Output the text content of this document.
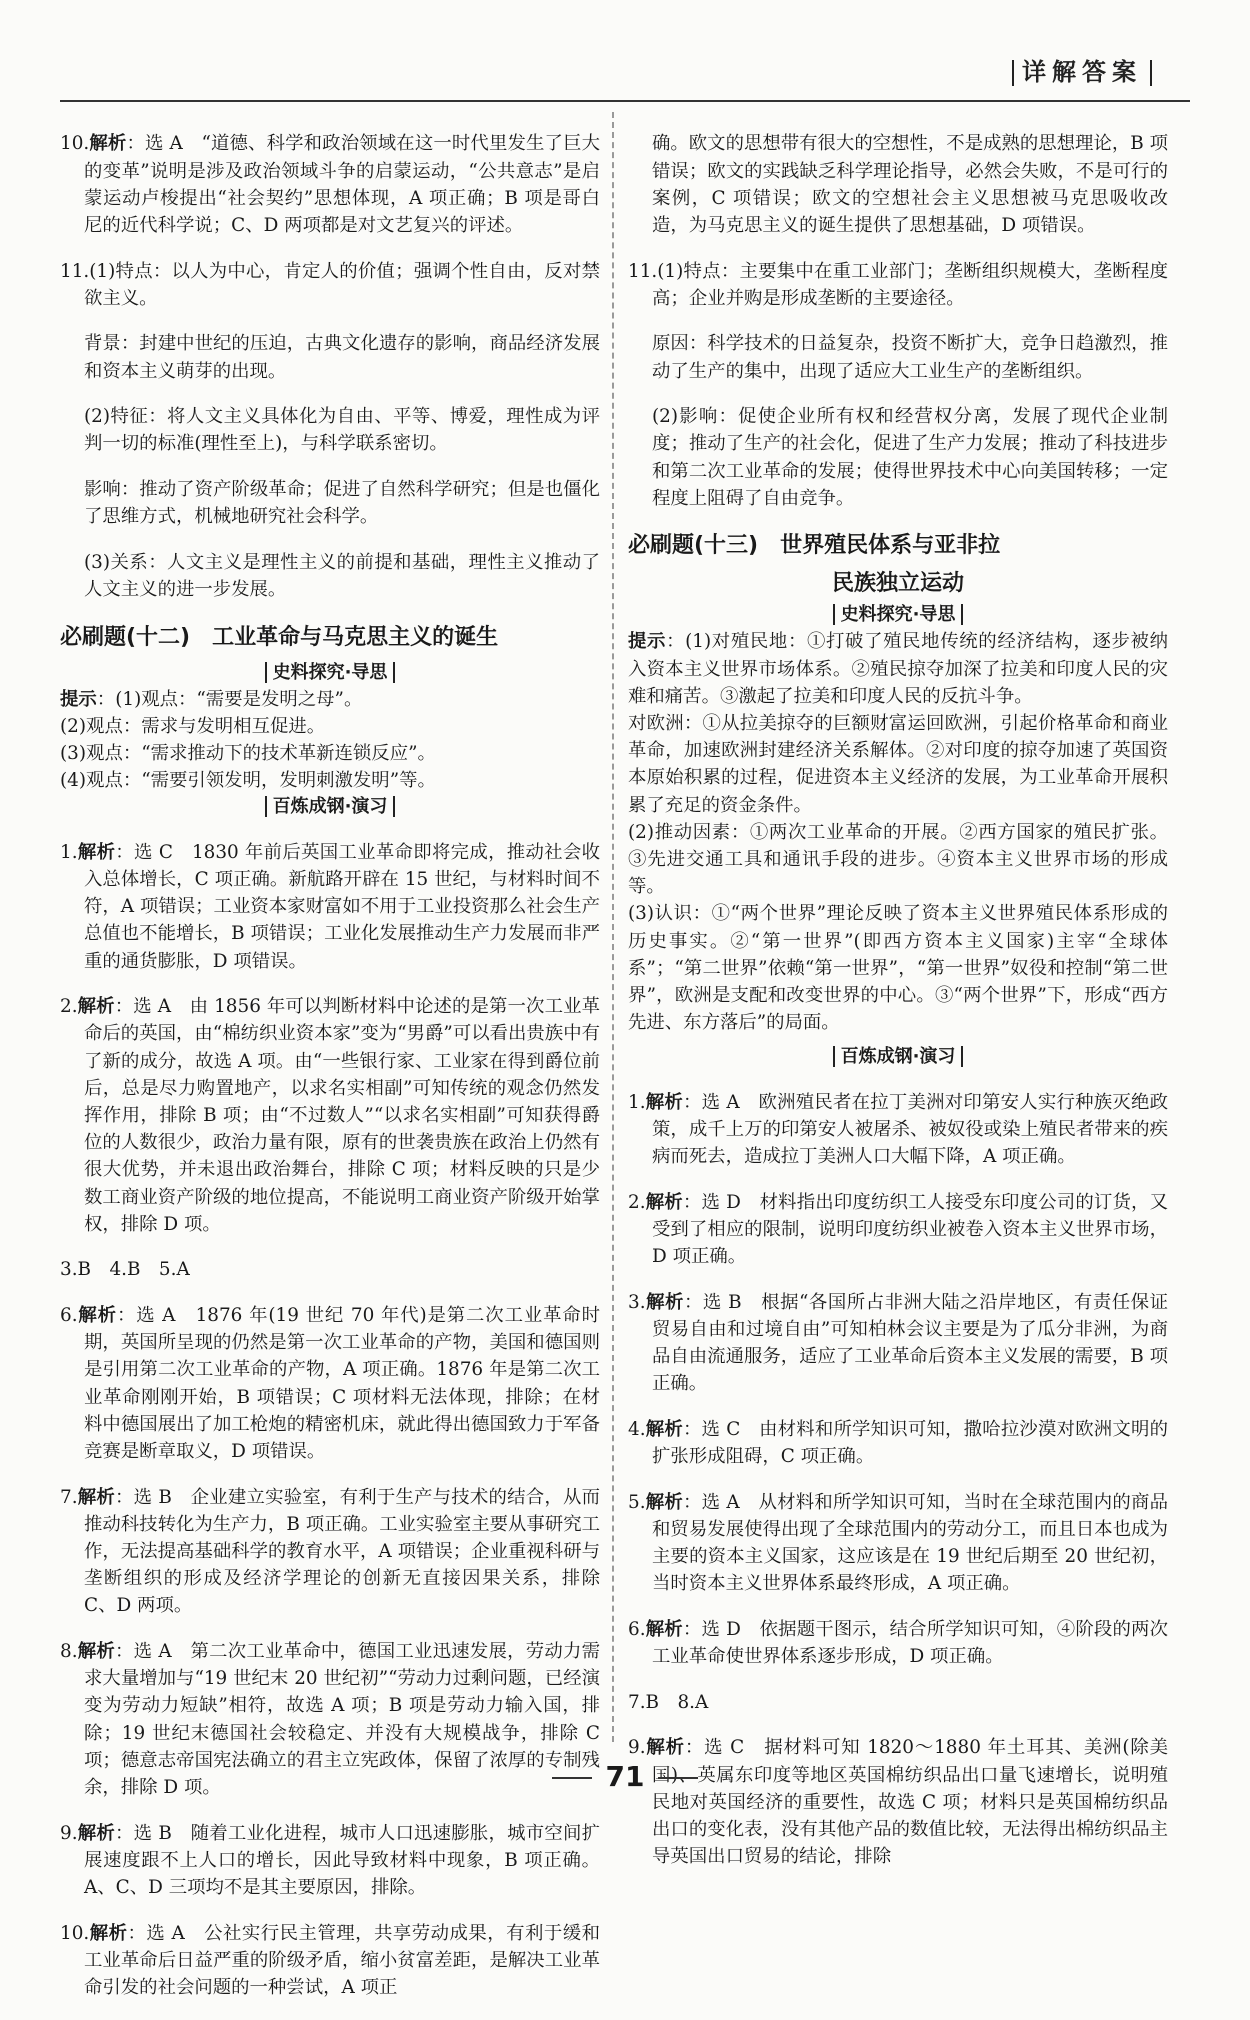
详解答案

10.解析：选 A　“道德、科学和政治领域在这一时代里发生了巨大的变革”说明是涉及政治领域斗争的启蒙运动，“公共意志”是启蒙运动卢梭提出“社会契约”思想体现，A 项正确；B 项是哥白尼的近代科学说；C、D 两项都是对文艺复兴的评述。

11.(1)特点：以人为中心，肯定人的价值；强调个性自由，反对禁欲主义。

背景：封建中世纪的压迫，古典文化遗存的影响，商品经济发展和资本主义萌芽的出现。

(2)特征：将人文主义具体化为自由、平等、博爱，理性成为评判一切的标准(理性至上)，与科学联系密切。

影响：推动了资产阶级革命；促进了自然科学研究；但是也僵化了思维方式，机械地研究社会科学。

(3)关系：人文主义是理性主义的前提和基础，理性主义推动了人文主义的进一步发展。

必刷题(十二)　工业革命与马克思主义的诞生
史料探究·导思

提示：(1)观点：“需要是发明之母”。

(2)观点：需求与发明相互促进。

(3)观点：“需求推动下的技术革新连锁反应”。

(4)观点：“需要引领发明，发明刺激发明”等。

百炼成钢·演习

1.解析：选 C　1830 年前后英国工业革命即将完成，推动社会收入总体增长，C 项正确。新航路开辟在 15 世纪，与材料时间不符，A 项错误；工业资本家财富如不用于工业投资那么社会生产总值也不能增长，B 项错误；工业化发展推动生产力发展而非严重的通货膨胀，D 项错误。

2.解析：选 A　由 1856 年可以判断材料中论述的是第一次工业革命后的英国，由“棉纺织业资本家”变为“男爵”可以看出贵族中有了新的成分，故选 A 项。由“一些银行家、工业家在得到爵位前后，总是尽力购置地产，以求名实相副”可知传统的观念仍然发挥作用，排除 B 项；由“不过数人”“以求名实相副”可知获得爵位的人数很少，政治力量有限，原有的世袭贵族在政治上仍然有很大优势，并未退出政治舞台，排除 C 项；材料反映的只是少数工商业资产阶级的地位提高，不能说明工商业资产阶级开始掌权，排除 D 项。

3.B　4.B　5.A

6.解析：选 A　1876 年(19 世纪 70 年代)是第二次工业革命时期，英国所呈现的仍然是第一次工业革命的产物，美国和德国则是引用第二次工业革命的产物，A 项正确。1876 年是第二次工业革命刚刚开始，B 项错误；C 项材料无法体现，排除；在材料中德国展出了加工枪炮的精密机床，就此得出德国致力于军备竞赛是断章取义，D 项错误。

7.解析：选 B　企业建立实验室，有利于生产与技术的结合，从而推动科技转化为生产力，B 项正确。工业实验室主要从事研究工作，无法提高基础科学的教育水平，A 项错误；企业重视科研与垄断组织的形成及经济学理论的创新无直接因果关系，排除 C、D 两项。

8.解析：选 A　第二次工业革命中，德国工业迅速发展，劳动力需求大量增加与“19 世纪末 20 世纪初”“劳动力过剩问题，已经演变为劳动力短缺”相符，故选 A 项；B 项是劳动力输入国，排除；19 世纪末德国社会较稳定、并没有大规模战争，排除 C 项；德意志帝国宪法确立的君主立宪政体，保留了浓厚的专制残余，排除 D 项。

9.解析：选 B　随着工业化进程，城市人口迅速膨胀，城市空间扩展速度跟不上人口的增长，因此导致材料中现象，B 项正确。A、C、D 三项均不是其主要原因，排除。

10.解析：选 A　公社实行民主管理，共享劳动成果，有利于缓和工业革命后日益严重的阶级矛盾，缩小贫富差距，是解决工业革命引发的社会问题的一种尝试，A 项正

确。欧文的思想带有很大的空想性，不是成熟的思想理论，B 项错误；欧文的实践缺乏科学理论指导，必然会失败，不是可行的案例，C 项错误；欧文的空想社会主义思想被马克思吸收改造，为马克思主义的诞生提供了思想基础，D 项错误。

11.(1)特点：主要集中在重工业部门；垄断组织规模大，垄断程度高；企业并购是形成垄断的主要途径。

原因：科学技术的日益复杂，投资不断扩大，竞争日趋激烈，推动了生产的集中，出现了适应大工业生产的垄断组织。

(2)影响：促使企业所有权和经营权分离，发展了现代企业制度；推动了生产的社会化，促进了生产力发展；推动了科技进步和第二次工业革命的发展；使得世界技术中心向美国转移；一定程度上阻碍了自由竞争。

必刷题(十三)　世界殖民体系与亚非拉
民族独立运动
史料探究·导思

提示：(1)对殖民地：①打破了殖民地传统的经济结构，逐步被纳入资本主义世界市场体系。②殖民掠夺加深了拉美和印度人民的灾难和痛苦。③激起了拉美和印度人民的反抗斗争。

对欧洲：①从拉美掠夺的巨额财富运回欧洲，引起价格革命和商业革命，加速欧洲封建经济关系解体。②对印度的掠夺加速了英国资本原始积累的过程，促进资本主义经济的发展，为工业革命开展积累了充足的资金条件。

(2)推动因素：①两次工业革命的开展。②西方国家的殖民扩张。③先进交通工具和通讯手段的进步。④资本主义世界市场的形成等。

(3)认识：①“两个世界”理论反映了资本主义世界殖民体系形成的历史事实。②“第一世界”(即西方资本主义国家)主宰“全球体系”；“第二世界”依赖“第一世界”，“第一世界”奴役和控制“第二世界”，欧洲是支配和改变世界的中心。③“两个世界”下，形成“西方先进、东方落后”的局面。

百炼成钢·演习

1.解析：选 A　欧洲殖民者在拉丁美洲对印第安人实行种族灭绝政策，成千上万的印第安人被屠杀、被奴役或染上殖民者带来的疾病而死去，造成拉丁美洲人口大幅下降，A 项正确。

2.解析：选 D　材料指出印度纺织工人接受东印度公司的订货，又受到了相应的限制，说明印度纺织业被卷入资本主义世界市场，D 项正确。

3.解析：选 B　根据“各国所占非洲大陆之沿岸地区，有责任保证贸易自由和过境自由”可知柏林会议主要是为了瓜分非洲，为商品自由流通服务，适应了工业革命后资本主义发展的需要，B 项正确。

4.解析：选 C　由材料和所学知识可知，撒哈拉沙漠对欧洲文明的扩张形成阻碍，C 项正确。

5.解析：选 A　从材料和所学知识可知，当时在全球范围内的商品和贸易发展使得出现了全球范围内的劳动分工，而且日本也成为主要的资本主义国家，这应该是在 19 世纪后期至 20 世纪初，当时资本主义世界体系最终形成，A 项正确。

6.解析：选 D　依据题干图示，结合所学知识可知，④阶段的两次工业革命使世界体系逐步形成，D 项正确。

7.B　8.A

9.解析：选 C　据材料可知 1820～1880 年土耳其、美洲(除美国)、英属东印度等地区英国棉纺织品出口量飞速增长，说明殖民地对英国经济的重要性，故选 C 项；材料只是英国棉纺织品出口的变化表，没有其他产品的数值比较，无法得出棉纺织品主导英国出口贸易的结论，排除

71
